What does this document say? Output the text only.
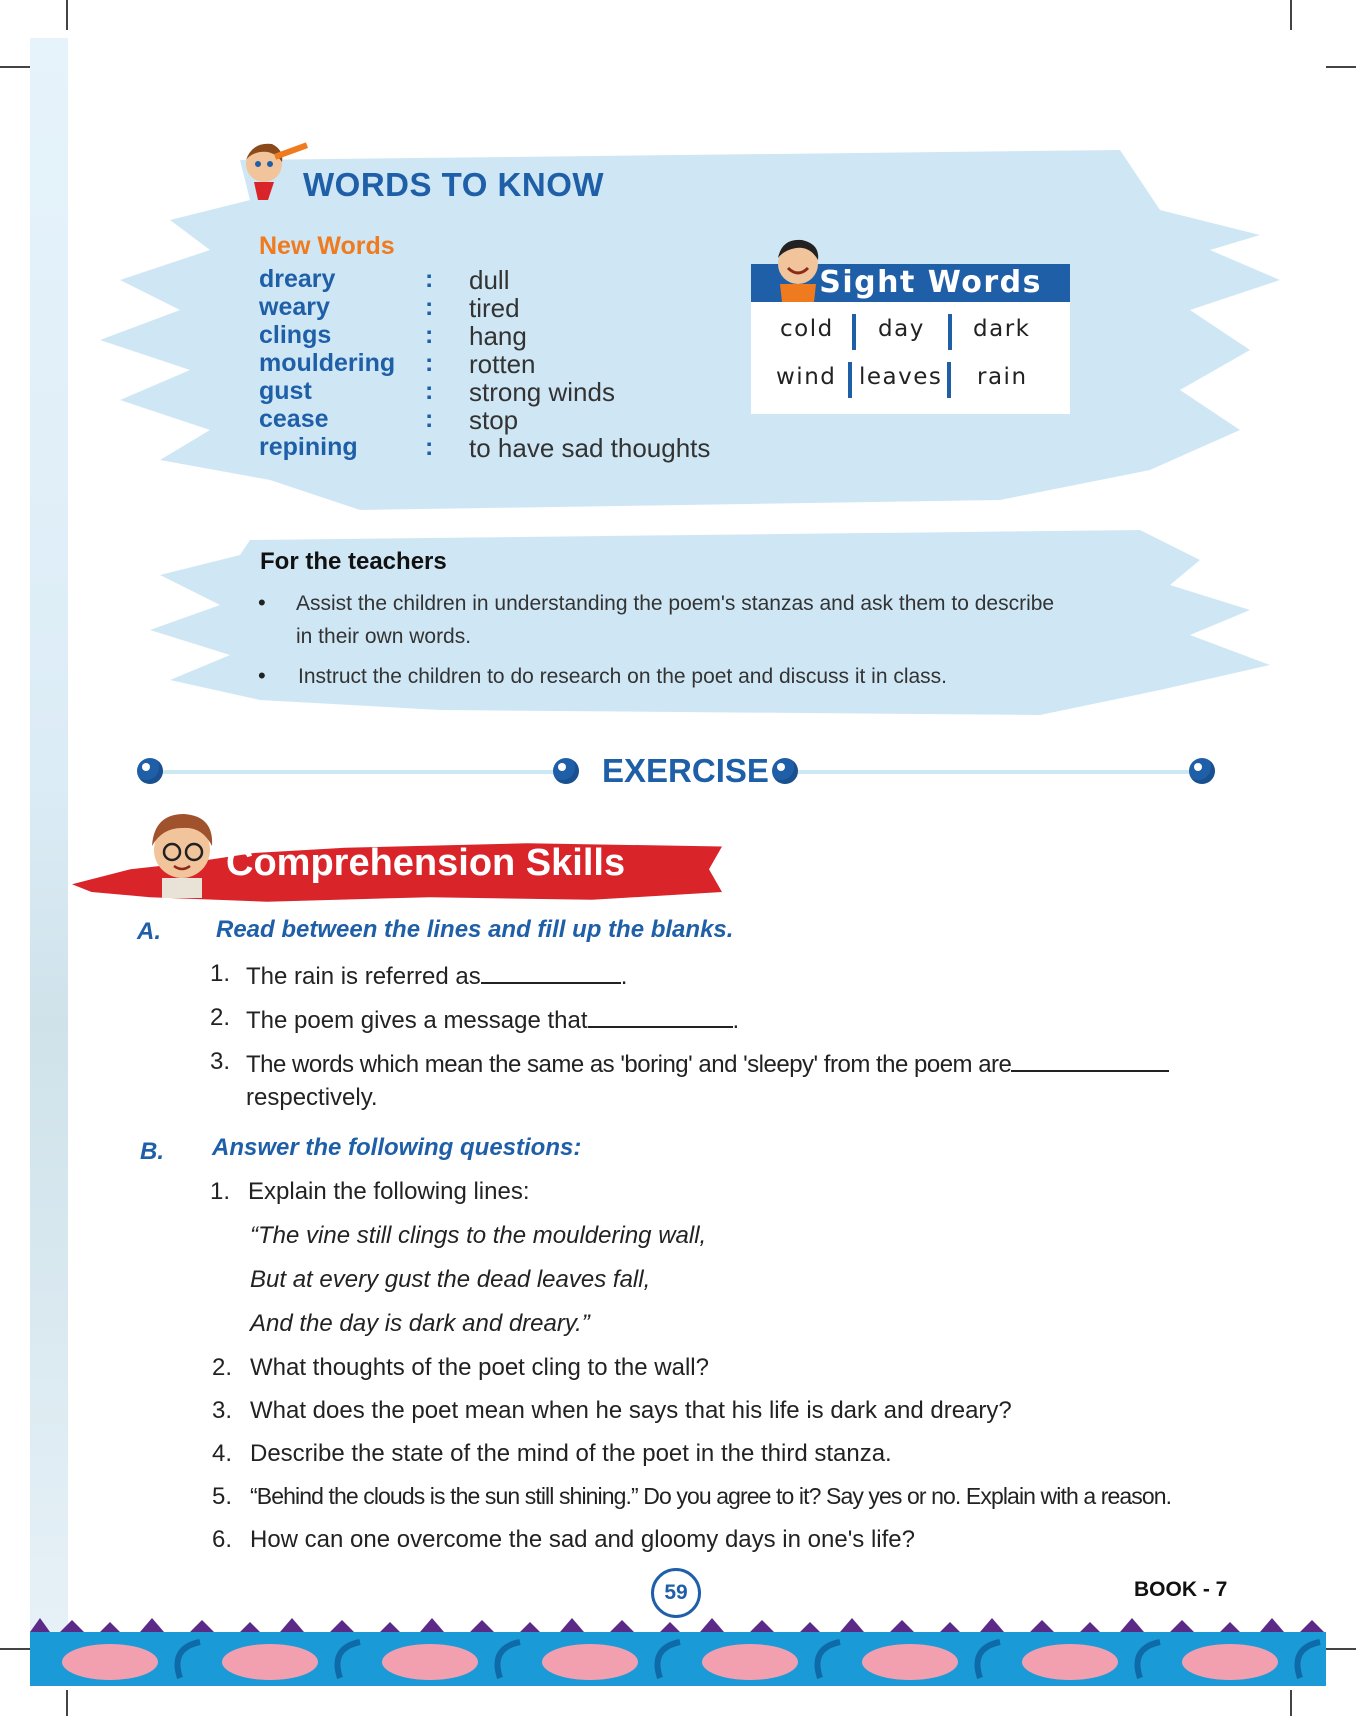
WORDS TO KNOW
New Words
dreary	: dull
weary	: tired
clings	: hang
mouldering : rotten
gust	: strong winds
cease	: stop
repining	: to have sad thoughts
Sight Words
cold day dark
wind leaves rain
For the teachers
• Assist the children in understanding the poem's stanzas and ask them to describe
in their own words.
• Instruct the children to do research on the poet and discuss it in class.
EXERCISE
Comprehension Skills
A. Read between the lines and fill up the blanks.
1. The rain is referred as	.
2. The poem gives a message that	.
3. The words which mean the same as 'boring' and 'sleepy' from the poem are
respectively.
B. Answer the following questions:
1. Explain the following lines:
“The vine still clings to the mouldering wall,
But at every gust the dead leaves fall,
And the day is dark and dreary.”
2. What thoughts of the poet cling to the wall?
3. What does the poet mean when he says that his life is dark and dreary?
4. Describe the state of the mind of the poet in the third stanza.
5. “Behind the clouds is the sun still shining.” Do you agree to it? Say yes or no. Explain with a reason.
6. How can one overcome the sad and gloomy days in one's life?
59	BOOK - 7
